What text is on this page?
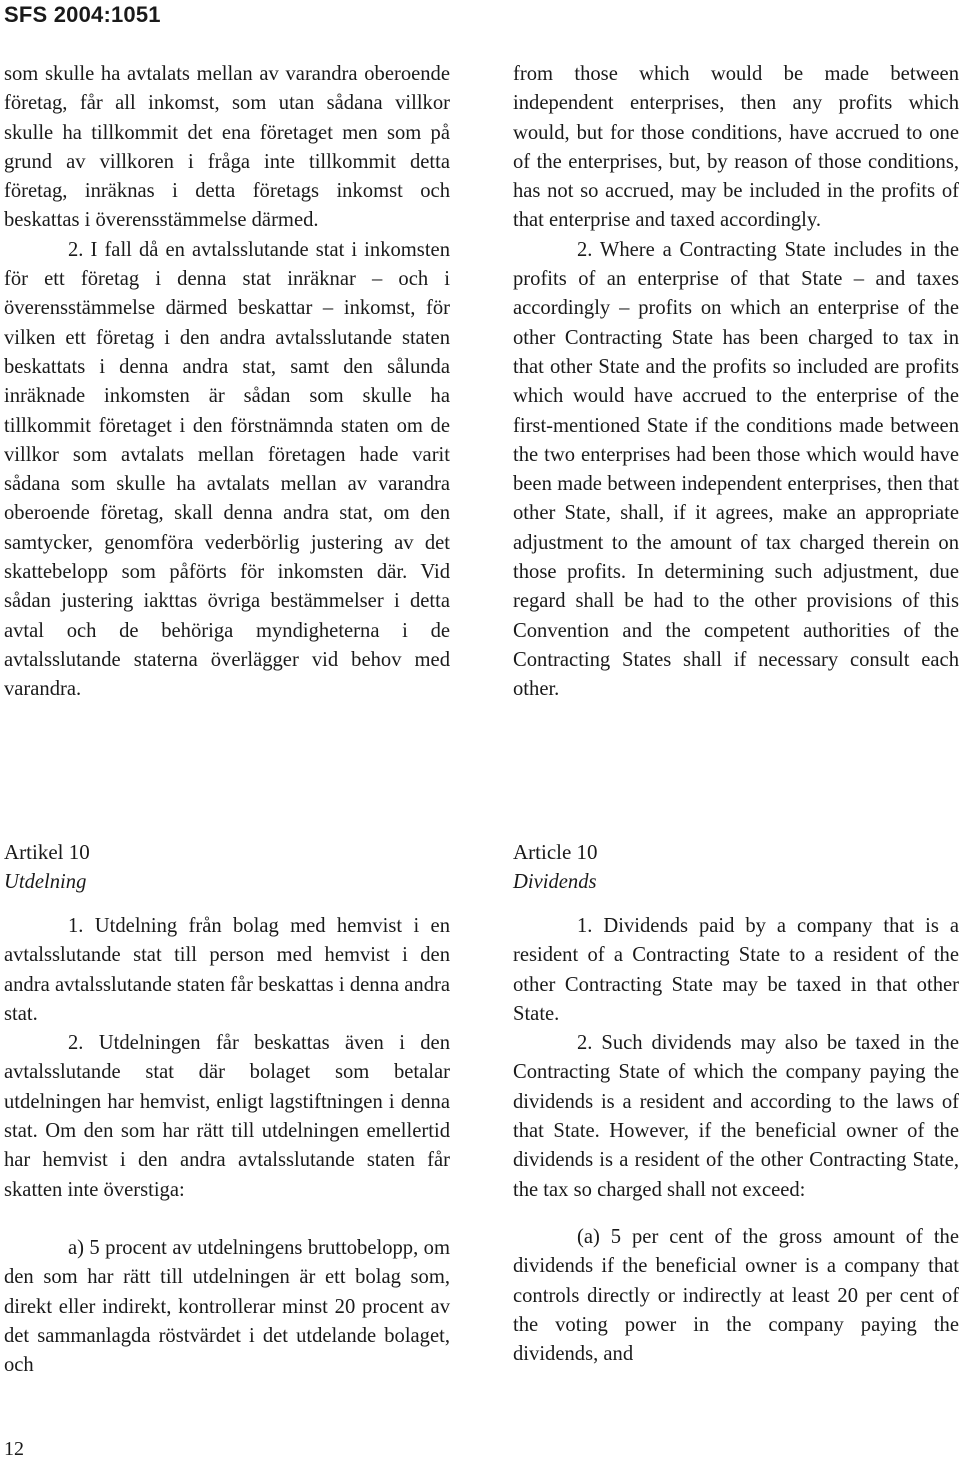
SFS 2004:1051

som skulle ha avtalats mellan av varandra oberoende företag, får all inkomst, som utan sådana villkor skulle ha tillkommit det ena företaget men som på grund av villkoren i fråga inte tillkommit detta företag, inräknas i detta företags inkomst och beskattas i överensstämmelse därmed.

2. I fall då en avtalsslutande stat i inkomsten för ett företag i denna stat inräknar – och i överensstämmelse därmed beskattar – inkomst, för vilken ett företag i den andra avtalsslutande staten beskattats i denna andra stat, samt den sålunda inräknade inkomsten är sådan som skulle ha tillkommit företaget i den förstnämnda staten om de villkor som avtalats mellan företagen hade varit sådana som skulle ha avtalats mellan av varandra oberoende företag, skall denna andra stat, om den samtycker, genomföra vederbörlig justering av det skattebelopp som påförts för inkomsten där. Vid sådan justering iakttas övriga bestämmelser i detta avtal och de behöriga myndigheterna i de avtalsslutande staterna överlägger vid behov med varandra.

from those which would be made between independent enterprises, then any profits which would, but for those conditions, have accrued to one of the enterprises, but, by reason of those conditions, has not so accrued, may be included in the profits of that enterprise and taxed accordingly.

2. Where a Contracting State includes in the profits of an enterprise of that State – and taxes accordingly – profits on which an enterprise of the other Contracting State has been charged to tax in that other State and the profits so included are profits which would have accrued to the enterprise of the first-mentioned State if the conditions made between the two enterprises had been those which would have been made between independent enterprises, then that other State, shall, if it agrees, make an appropriate adjustment to the amount of tax charged therein on those profits. In determining such adjustment, due regard shall be had to the other provisions of this Convention and the competent authorities of the Contracting States shall if necessary consult each other.

Artikel 10

Utdelning

1. Utdelning från bolag med hemvist i en avtalsslutande stat till person med hemvist i den andra avtalsslutande staten får beskattas i denna andra stat.

2. Utdelningen får beskattas även i den avtalsslutande stat där bolaget som betalar utdelningen har hemvist, enligt lagstiftningen i denna stat. Om den som har rätt till utdelningen emellertid har hemvist i den andra avtalsslutande staten får skatten inte överstiga:

a) 5 procent av utdelningens bruttobelopp, om den som har rätt till utdelningen är ett bolag som, direkt eller indirekt, kontrollerar minst 20 procent av det sammanlagda röstvärdet i det utdelande bolaget, och

Article 10

Dividends

1. Dividends paid by a company that is a resident of a Contracting State to a resident of the other Contracting State may be taxed in that other State.

2. Such dividends may also be taxed in the Contracting State of which the company paying the dividends is a resident and according to the laws of that State. However, if the beneficial owner of the dividends is a resident of the other Contracting State, the tax so charged shall not exceed:

(a) 5 per cent of the gross amount of the dividends if the beneficial owner is a company that controls directly or indirectly at least 20 per cent of the voting power in the company paying the dividends, and

12
